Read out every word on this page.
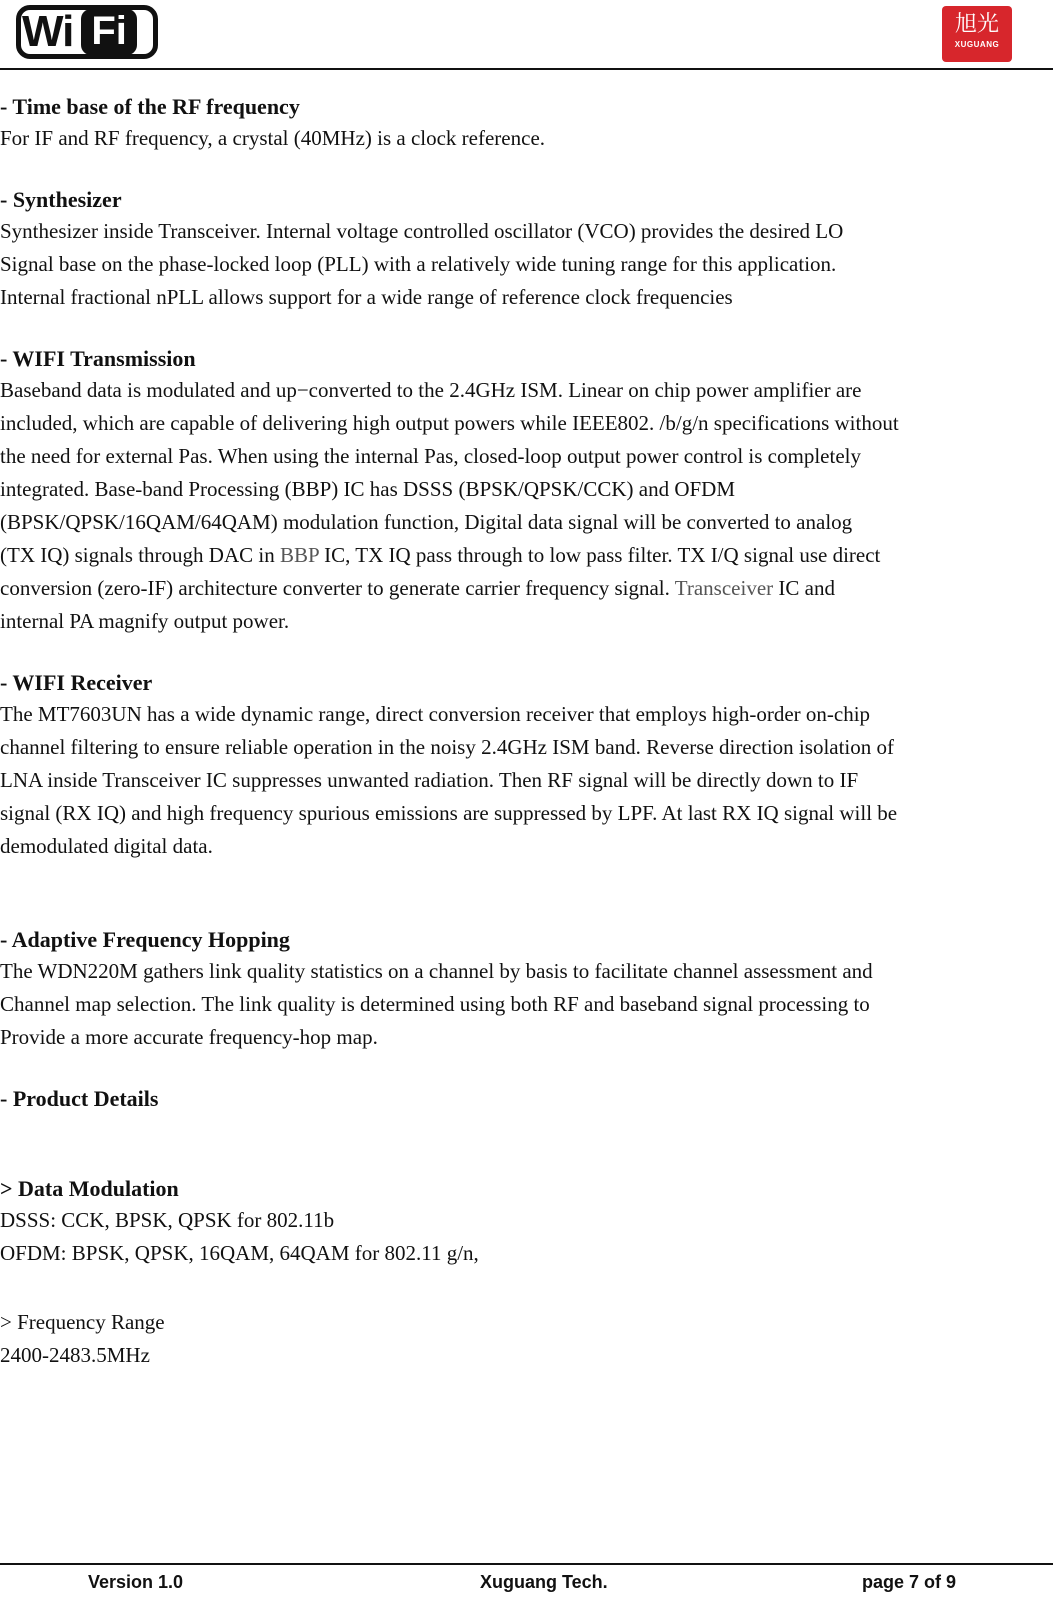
Wi Fi	旭光
XUGUANG
- Time base of the RF frequency

For IF and RF frequency, a crystal (40MHz) is a clock reference.

- Synthesizer

Synthesizer inside Transceiver. Internal voltage controlled oscillator (VCO) provides the desired LO

Signal base on the phase-locked loop (PLL) with a relatively wide tuning range for this application.

Internal fractional nPLL allows support for a wide range of reference clock frequencies

- WIFI Transmission

Baseband data is modulated and up−converted to the 2.4GHz ISM. Linear on chip power amplifier are

included, which are capable of delivering high output powers while IEEE802. /b/g/n specifications without

the need for external Pas. When using the internal Pas, closed-loop output power control is completely

integrated. Base-band Processing (BBP) IC has DSSS (BPSK/QPSK/CCK) and OFDM

(BPSK/QPSK/16QAM/64QAM) modulation function, Digital data signal will be converted to analog

(TX IQ) signals through DAC in BBP IC, TX IQ pass through to low pass filter. TX I/Q signal use direct

conversion (zero-IF) architecture converter to generate carrier frequency signal. Transceiver IC and

internal PA magnify output power.

- WIFI Receiver

The MT7603UN has a wide dynamic range, direct conversion receiver that employs high-order on-chip

channel filtering to ensure reliable operation in the noisy 2.4GHz ISM band. Reverse direction isolation of

LNA inside Transceiver IC suppresses unwanted radiation. Then RF signal will be directly down to IF

signal (RX IQ) and high frequency spurious emissions are suppressed by LPF. At last RX IQ signal will be

demodulated digital data.

- Adaptive Frequency Hopping

The WDN220M gathers link quality statistics on a channel by basis to facilitate channel assessment and

Channel map selection. The link quality is determined using both RF and baseband signal processing to

Provide a more accurate frequency-hop map.

- Product Details
> Data Modulation

DSSS: CCK, BPSK, QPSK for 802.11b

OFDM: BPSK, QPSK, 16QAM, 64QAM for 802.11 g/n,

> Frequency Range

2400-2483.5MHz

Version 1.0	Xuguang Tech.	page 7 of 9
